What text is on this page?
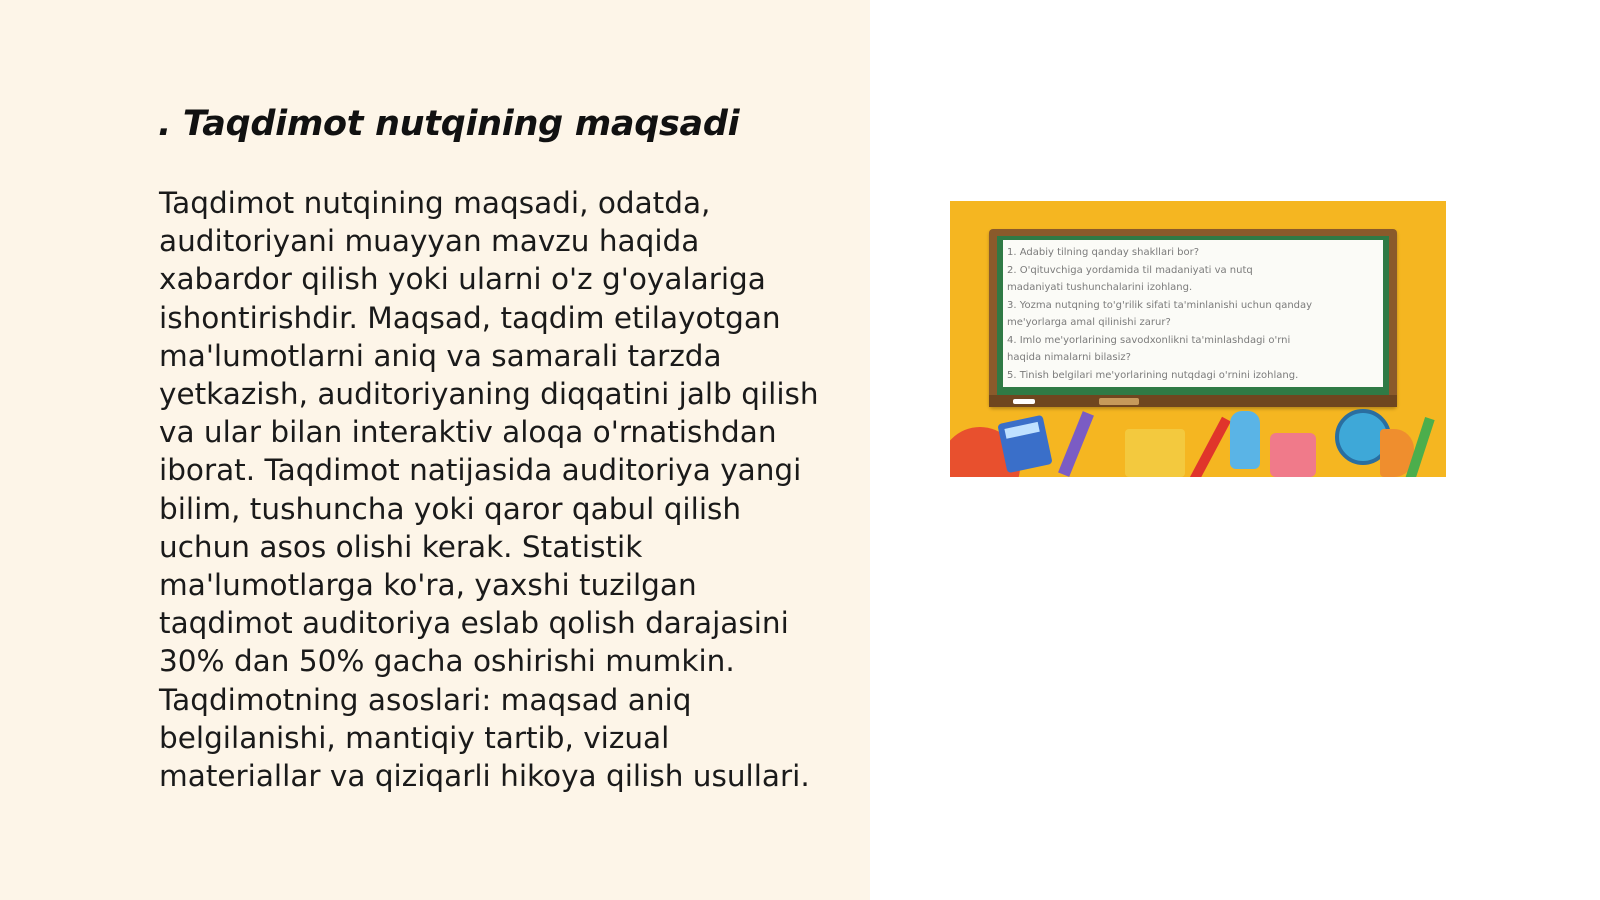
. Taqdimot nutqining maqsadi

Taqdimot nutqining maqsadi, odatda, auditoriyani muayyan mavzu haqida xabardor qilish yoki ularni o'z g'oyalariga ishontirishdir. Maqsad, taqdim etilayotgan ma'lumotlarni aniq va samarali tarzda yetkazish, auditoriyaning diqqatini jalb qilish va ular bilan interaktiv aloqa o'rnatishdan iborat. Taqdimot natijasida auditoriya yangi bilim, tushuncha yoki qaror qabul qilish uchun asos olishi kerak. Statistik ma'lumotlarga ko'ra, yaxshi tuzilgan taqdimot auditoriya eslab qolish darajasini 30% dan 50% gacha oshirishi mumkin. Taqdimotning asoslari: maqsad aniq belgilanishi, mantiqiy tartib, vizual materiallar va qiziqarli hikoya qilish usullari.

1. Adabiy tilning qanday shakllari bor?

2. O'qituvchiga yordamida til madaniyati va nutq

madaniyati tushunchalarini izohlang.

3. Yozma nutqning to'g'rilik sifati ta'minlanishi uchun qanday

me'yorlarga amal qilinishi zarur?

4. Imlo me'yorlarining savodxonlikni ta'minlashdagi o'rni

haqida nimalarni bilasiz?

5. Tinish belgilari me'yorlarining nutqdagi o'rnini izohlang.
